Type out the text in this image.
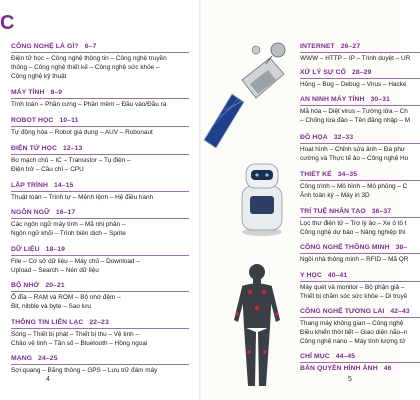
C
CÔNG NGHỆ LÀ GÌ? 6–7
Điện tử học – Công nghệ thông tin – Công nghệ truyền
thông – Công nghệ thiết kế – Công nghệ sức khỏe –
Công nghệ kỹ thuật
MÁY TÍNH 8–9
Tính toán – Phần cứng – Phần mềm – Đầu vào/Đầu ra
ROBOT HỌC 10–11
Tự động hóa – Robot giá dụng – AUV – Robonaut
ĐIỆN TỬ HỌC 12–13
Bo mạch chủ – IC – Transistor – Tụ điện –
Điện trở – Cầu chì – CPU
LẬP TRÌNH 14–15
Thuật toán – Trình tự – Mệnh lệnh – Hệ điều hành
NGÔN NGỮ 16–17
Các ngôn ngữ máy tính – Mã nhị phân –
Ngôn ngữ khối – Trình biên dịch – Sprite
DỮ LIỆU 18–19
File – Cơ sở dữ liệu – Máy chủ – Download –
Upload – Search – Nén dữ liệu
BỘ NHỚ 20–21
Ổ đĩa – RAM và ROM – Bộ nhớ đệm –
Bit, nibble và byte – Sao lưu
THÔNG TIN LIÊN LẠC 22–23
Sóng – Thiết bị phát – Thiết bị thu – Vệ tinh –
Chảo vệ tinh – Tần số – Bluetooth – Hồng ngoại
MẠNG 24–25
Sợi quang – Băng thông – GPS – Lưu trữ đám mây
INTERNET 26–27
WWW – HTTP – IP – Trình duyệt – UR
XỬ LÝ SỰ CỐ 28–29
Hỏng – Bug – Debug – Virus – Hacke
AN NINH MÁY TÍNH 30–31
Mã hóa – Diệt virus – Tường lửa – Ch
– Chống lừa đảo – Tên đăng nhập – M
ĐỒ HỌA 32–33
Hoạt hình – Chỉnh sửa ảnh – Đa phư
cường và Thực tế ảo – Công nghệ Ho
THIẾT KẾ 34–35
Công trình – Mô hình – Mô phỏng – C
Ảnh toàn ký – Máy in 3D
TRÍ TUỆ NHÂN TẠO 36–37
Lọc thư điện tử – Trợ lý ảo – Xe ô tô t
Công nghệ dự báo – Nâng nghiệp thì
CÔNG NGHỆ THÔNG MINH 38–
Ngôi nhà thông minh – RFID – Mã QR
Y HỌC 40–41
Máy quét và monitor – Bộ phận giả –
Thiết bị chăm sóc sức khỏe – Di truyề
CÔNG NGHỆ TƯƠNG LAI 42–43
Thang máy không gian – Công nghệ
Điều khiển thời tiết – Giao diện não–n
Công nghệ nano – Máy tính lượng tử
CHỈ MỤC 44–45
BẢN QUYỀN HÌNH ẢNH 46
4	5
